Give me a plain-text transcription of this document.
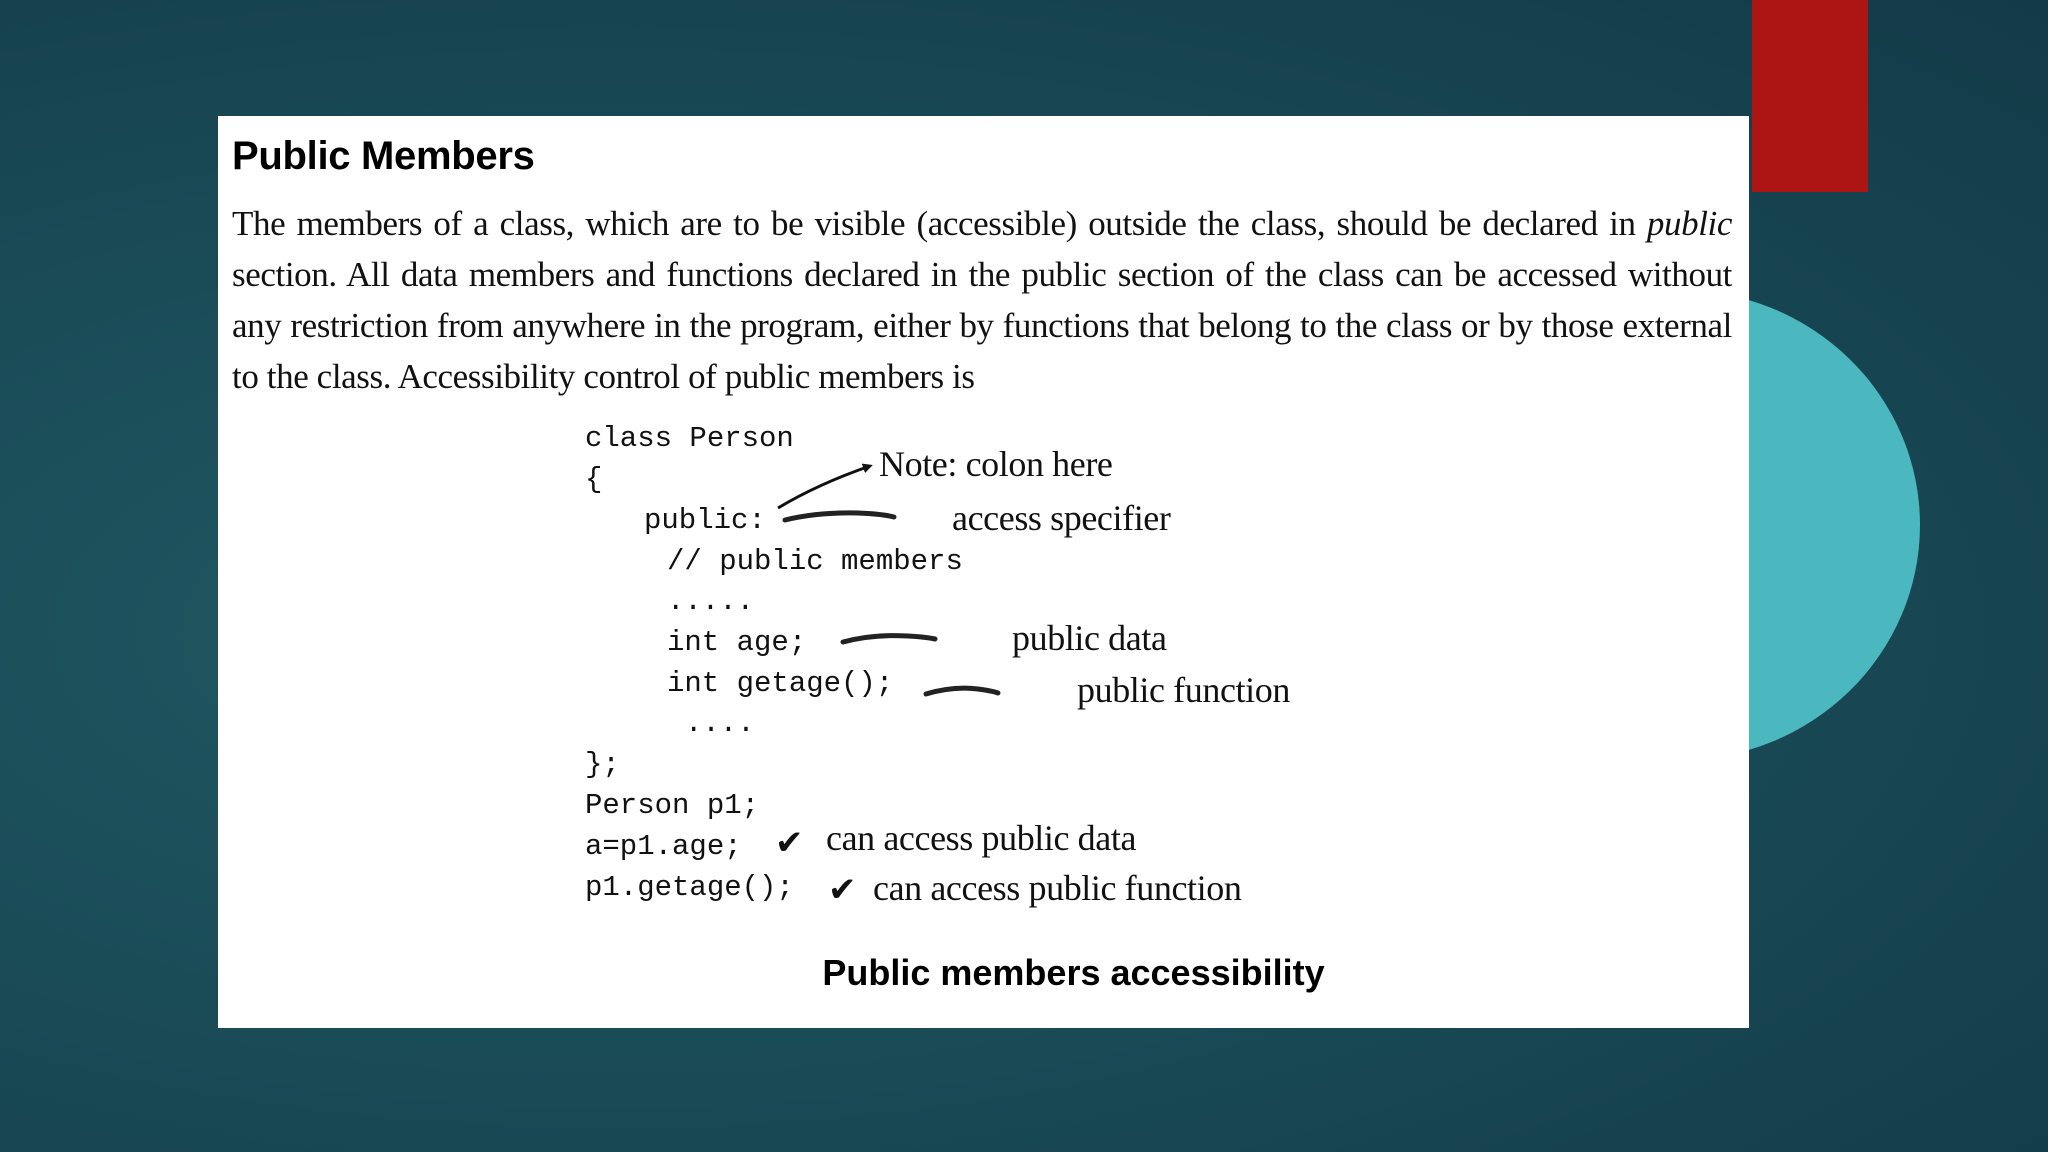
Public Members

The members of a class, which are to be visible (accessible) outside the class, should be declared in public section. All data members and functions declared in the public section of the class can be accessed without any restriction from anywhere in the program, either by functions that belong to the class or by those external to the class. Accessibility control of public members is

class Person
{
public:
// public members
.....
int age;
int getage();
....
};
Person p1;
a=p1.age;
p1.getage();
Note: colon here
access specifier
public data
public function
✔ can access public data
✔ can access public function

Public members accessibility
